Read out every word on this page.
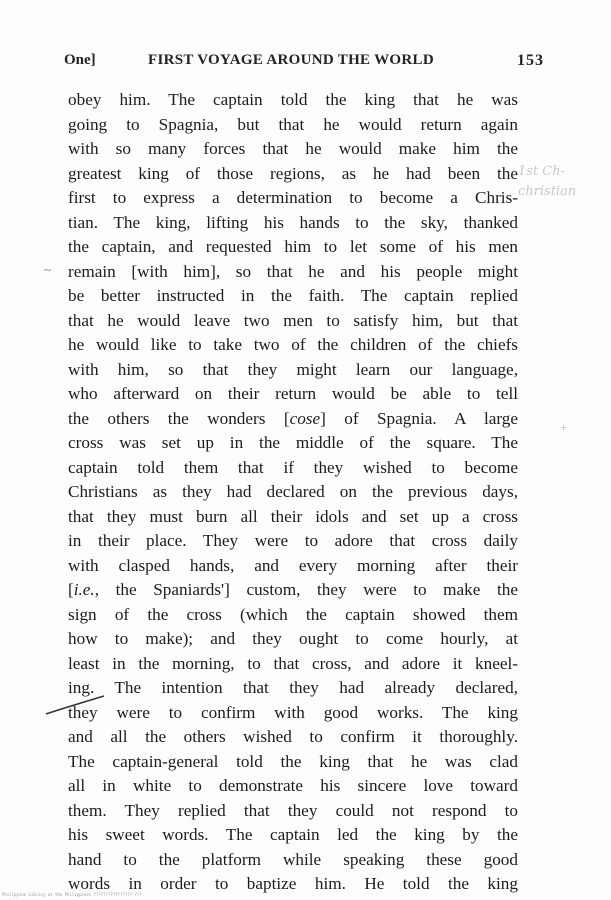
One]	FIRST VOYAGE AROUND THE WORLD	153
obey him. The captain told the king that he was
going to Spagnia, but that he would return again
with so many forces that he would make him the
greatest king of those regions, as he had been the
first to express a determination to become a Chris-
tian. The king, lifting his hands to the sky, thanked
the captain, and requested him to let some of his men
remain [with him], so that he and his people might
be better instructed in the faith. The captain replied
that he would leave two men to satisfy him, but that
he would like to take two of the children of the chiefs
with him, so that they might learn our language,
who afterward on their return would be able to tell
the others the wonders [cose] of Spagnia. A large
cross was set up in the middle of the square. The
captain told them that if they wished to become
Christians as they had declared on the previous days,
that they must burn all their idols and set up a cross
in their place. They were to adore that cross daily
with clasped hands, and every morning after their
[i.e., the Spaniards'] custom, they were to make the
sign of the cross (which the captain showed them
how to make); and they ought to come hourly, at
least in the morning, to that cross, and adore it kneel-
ing. The intention that they had already declared,
they were to confirm with good works. The king
and all the others wished to confirm it thoroughly.
The captain-general told the king that he was clad
all in white to demonstrate his sincere love toward
them. They replied that they could not respond to
his sweet words. The captain led the king by the
hand to the platform while speaking these good
words in order to baptize him. He told the king
~
1st Ch-
christian
+
Philippine Library at the Philippines ???????????????? ???
